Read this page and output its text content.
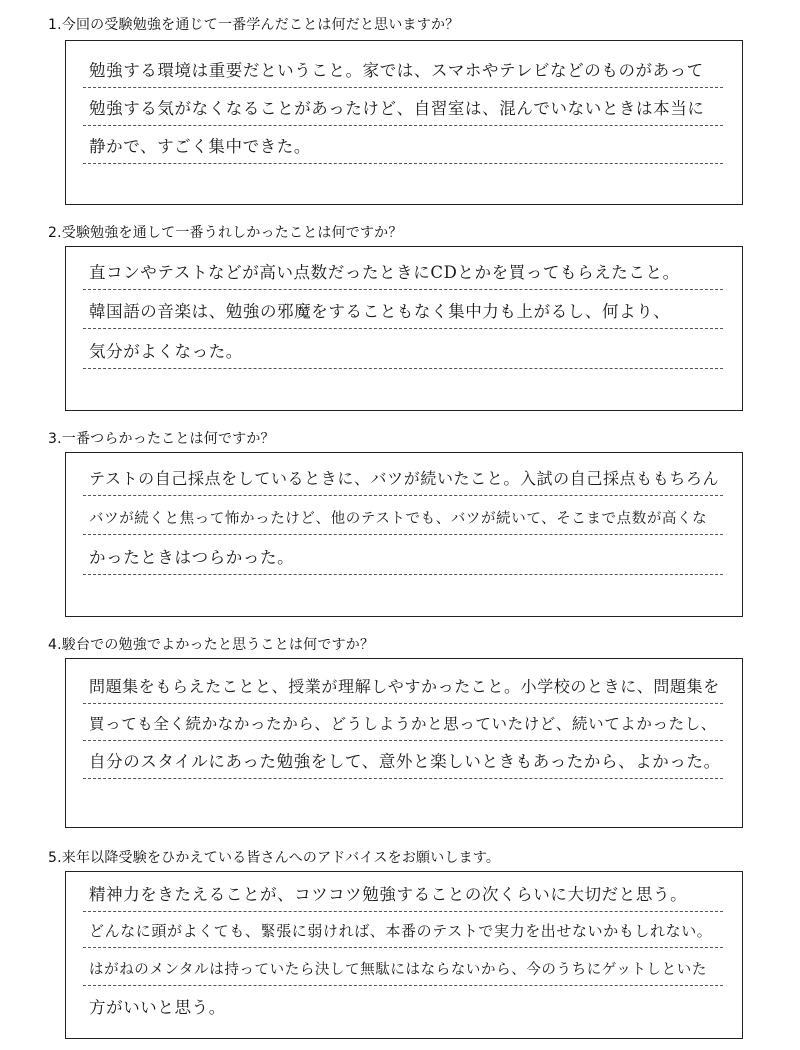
1.今回の受験勉強を通じて一番学んだことは何だと思いますか？
勉強する環境は重要だということ。家では、スマホやテレビなどのものがあって
勉強する気がなくなることがあったけど、自習室は、混んでいないときは本当に
静かで、すごく集中できた。
2.受験勉強を通して一番うれしかったことは何ですか？
直コンやテストなどが高い点数だったときにCDとかを買ってもらえたこと。
韓国語の音楽は、勉強の邪魔をすることもなく集中力も上がるし、何より、
気分がよくなった。
3.一番つらかったことは何ですか？
テストの自己採点をしているときに、バツが続いたこと。入試の自己採点ももちろん
バツが続くと焦って怖かったけど、他のテストでも、バツが続いて、そこまで点数が高くな
かったときはつらかった。
4.駿台での勉強でよかったと思うことは何ですか？
問題集をもらえたことと、授業が理解しやすかったこと。小学校のときに、問題集を
買っても全く続かなかったから、どうしようかと思っていたけど、続いてよかったし、
自分のスタイルにあった勉強をして、意外と楽しいときもあったから、よかった。
5.来年以降受験をひかえている皆さんへのアドバイスをお願いします。
精神力をきたえることが、コツコツ勉強することの次くらいに大切だと思う。
どんなに頭がよくても、緊張に弱ければ、本番のテストで実力を出せないかもしれない。
はがねのメンタルは持っていたら決して無駄にはならないから、今のうちにゲットしといた
方がいいと思う。
